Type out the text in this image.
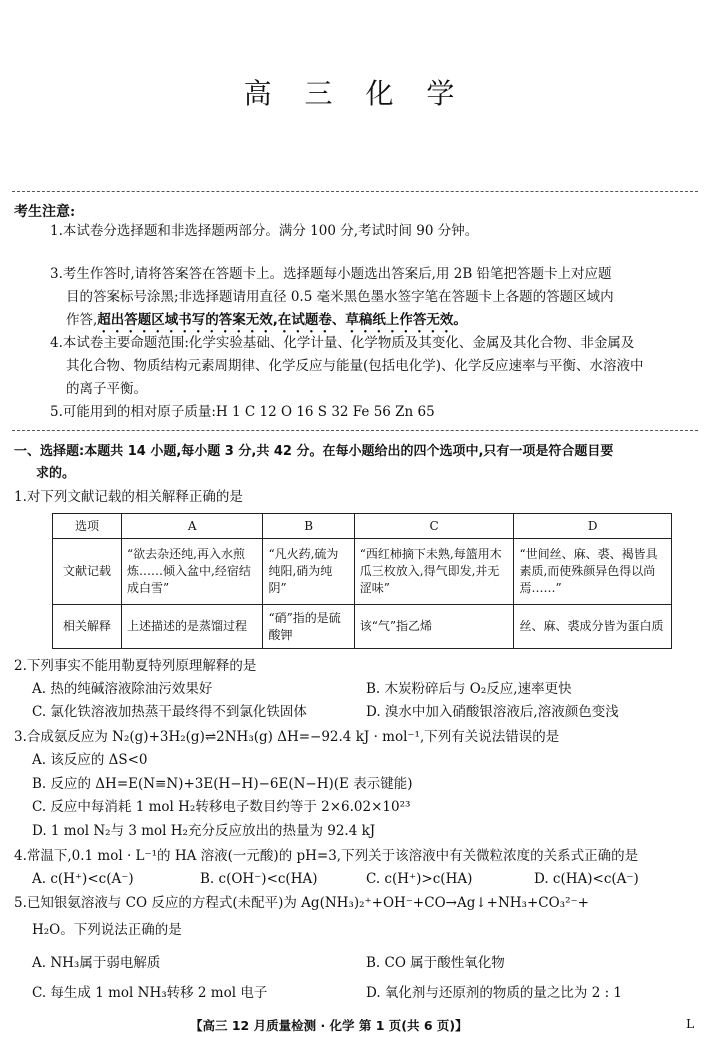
高 三 化 学
考生注意:
1.本试卷分选择题和非选择题两部分。满分 100 分,考试时间 90 分钟。
3.考生作答时,请将答案答在答题卡上。选择题每小题选出答案后,用 2B 铅笔把答题卡上对应题
目的答案标号涂黑;非选择题请用直径 0.5 毫米黑色墨水签字笔在答题卡上各题的答题区域内
作答,超出答题区域书写的答案无效,在试题卷、草稿纸上作答无效。
4.本试卷主要命题范围:化学实验基础、化学计量、化学物质及其变化、金属及其化合物、非金属及
其化合物、物质结构元素周期律、化学反应与能量(包括电化学)、化学反应速率与平衡、水溶液中
的离子平衡。
5.可能用到的相对原子质量:H 1 C 12 O 16 S 32 Fe 56 Zn 65
一、选择题:本题共 14 小题,每小题 3 分,共 42 分。在每小题给出的四个选项中,只有一项是符合题目要
求的。
1.对下列文献记载的相关解释正确的是
选项	A	B	C	D
文献记载	“欲去杂还纯,再入水煎炼……倾入盆中,经宿结成白雪”	“凡火药,硫为纯阳,硝为纯阴”	“西红柿摘下未熟,每篮用木瓜三枚放入,得气即发,并无涩味”	“世间丝、麻、裘、褐皆具素质,而使殊颜异色得以尚焉……”
相关解释	上述描述的是蒸馏过程	“硝”指的是硫酸钾	该“气”指乙烯	丝、麻、裘成分皆为蛋白质
2.下列事实不能用勒夏特列原理解释的是
A. 热的纯碱溶液除油污效果好	B. 木炭粉碎后与 O₂反应,速率更快
C. 氯化铁溶液加热蒸干最终得不到氯化铁固体	D. 溴水中加入硝酸银溶液后,溶液颜色变浅
3.合成氨反应为 N₂(g)+3H₂(g)⇌2NH₃(g) ΔH=−92.4 kJ · mol⁻¹,下列有关说法错误的是
A. 该反应的 ΔS<0
B. 反应的 ΔH=E(N≡N)+3E(H−H)−6E(N−H)(E 表示键能)
C. 反应中每消耗 1 mol H₂转移电子数目约等于 2×6.02×10²³
D. 1 mol N₂与 3 mol H₂充分反应放出的热量为 92.4 kJ
4.常温下,0.1 mol · L⁻¹的 HA 溶液(一元酸)的 pH=3,下列关于该溶液中有关微粒浓度的关系式正确的是
A. c(H⁺)<c(A⁻)	B. c(OH⁻)<c(HA)	C. c(H⁺)>c(HA)	D. c(HA)<c(A⁻)
5.已知银氨溶液与 CO 反应的方程式(未配平)为 Ag(NH₃)₂⁺+OH⁻+CO→Ag↓+NH₃+CO₃²⁻+
H₂O。下列说法正确的是
A. NH₃属于弱电解质	B. CO 属于酸性氧化物
C. 每生成 1 mol NH₃转移 2 mol 电子	D. 氧化剂与还原剂的物质的量之比为 2 : 1
【高三 12 月质量检测 · 化学 第 1 页(共 6 页)】	L
